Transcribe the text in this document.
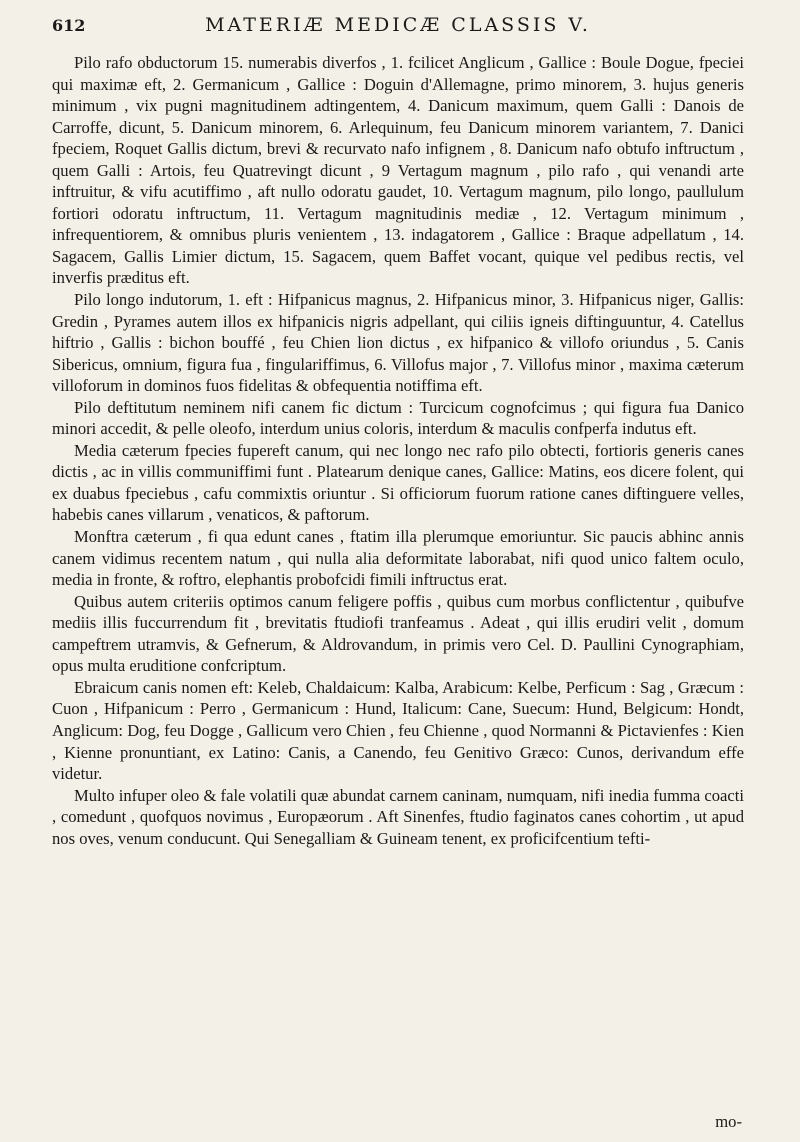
612	MATERIÆ MEDICÆ CLASSIS V.

Pilo rafo obductorum 15. numerabis diverfos , 1. fcilicet Anglicum , Gallice : Boule Dogue, fpeciei qui maximæ eft, 2. Germanicum , Gallice : Doguin d'Allemagne, primo minorem, 3. hujus generis minimum , vix pugni magnitudinem adtingentem, 4. Danicum maximum, quem Galli : Danois de Carroffe, dicunt, 5. Danicum minorem, 6. Arlequinum, feu Danicum minorem variantem, 7. Danici fpeciem, Roquet Gallis dictum, brevi & recurvato nafo infignem , 8. Danicum nafo obtufo inftructum , quem Galli : Artois, feu Quatrevingt dicunt , 9 Vertagum magnum , pilo rafo , qui venandi arte inftruitur, & vifu acutiffimo , aft nullo odoratu gaudet, 10. Vertagum magnum, pilo longo, paullulum fortiori odoratu inftructum, 11. Vertagum magnitudinis mediæ , 12. Vertagum minimum , infrequentiorem, & omnibus pluris venientem , 13. indagatorem , Gallice : Braque adpellatum , 14. Sagacem, Gallis Limier dictum, 15. Sagacem, quem Baffet vocant, quique vel pedibus rectis, vel inverfis præditus eft.

Pilo longo indutorum, 1. eft : Hifpanicus magnus, 2. Hifpanicus minor, 3. Hifpanicus niger, Gallis: Gredin , Pyrames autem illos ex hifpanicis nigris adpellant, qui ciliis igneis diftinguuntur, 4. Catellus hiftrio , Gallis : bichon bouffé , feu Chien lion dictus , ex hifpanico & villofo oriundus , 5. Canis Sibericus, omnium, figura fua , fingulariffimus, 6. Villofus major , 7. Villofus minor , maxima cæterum villoforum in dominos fuos fidelitas & obfequentia notiffima eft.

Pilo deftitutum neminem nifi canem fic dictum : Turcicum cognofcimus ; qui figura fua Danico minori accedit, & pelle oleofo, interdum unius coloris, interdum & maculis confperfa indutus eft.

Media cæterum fpecies fupereft canum, qui nec longo nec rafo pilo obtecti, fortioris generis canes dictis , ac in villis communiffimi funt . Platearum denique canes, Gallice: Matins, eos dicere folent, qui ex duabus fpeciebus , cafu commixtis oriuntur . Si officiorum fuorum ratione canes diftinguere velles, habebis canes villarum , venaticos, & paftorum.

Monftra cæterum , fi qua edunt canes , ftatim illa plerumque emoriuntur. Sic paucis abhinc annis canem vidimus recentem natum , qui nulla alia deformitate laborabat, nifi quod unico faltem oculo, media in fronte, & roftro, elephantis probofcidi fimili inftructus erat.

Quibus autem criteriis optimos canum feligere poffis , quibus cum morbus conflictentur , quibufve mediis illis fuccurrendum fit , brevitatis ftudiofi tranfeamus . Adeat , qui illis erudiri velit , domum campeftrem utramvis, & Gefnerum, & Aldrovandum, in primis vero Cel. D. Paullini Cynographiam, opus multa eruditione confcriptum.

Ebraicum canis nomen eft: Keleb, Chaldaicum: Kalba, Arabicum: Kelbe, Perficum : Sag , Græcum : Cuon , Hifpanicum : Perro , Germanicum : Hund, Italicum: Cane, Suecum: Hund, Belgicum: Hondt, Anglicum: Dog, feu Dogge , Gallicum vero Chien , feu Chienne , quod Normanni & Pictavienfes : Kien , Kienne pronuntiant, ex Latino: Canis, a Canendo, feu Genitivo Græco: Cunos, derivandum effe videtur.

Multo infuper oleo & fale volatili quæ abundat carnem caninam, numquam, nifi inedia fumma coacti , comedunt , quofquos novimus , Europæorum . Aft Sinenfes, ftudio faginatos canes cohortim , ut apud nos oves, venum conducunt. Qui Senegalliam & Guineam tenent, ex proficifcentium tefti-

mo-
